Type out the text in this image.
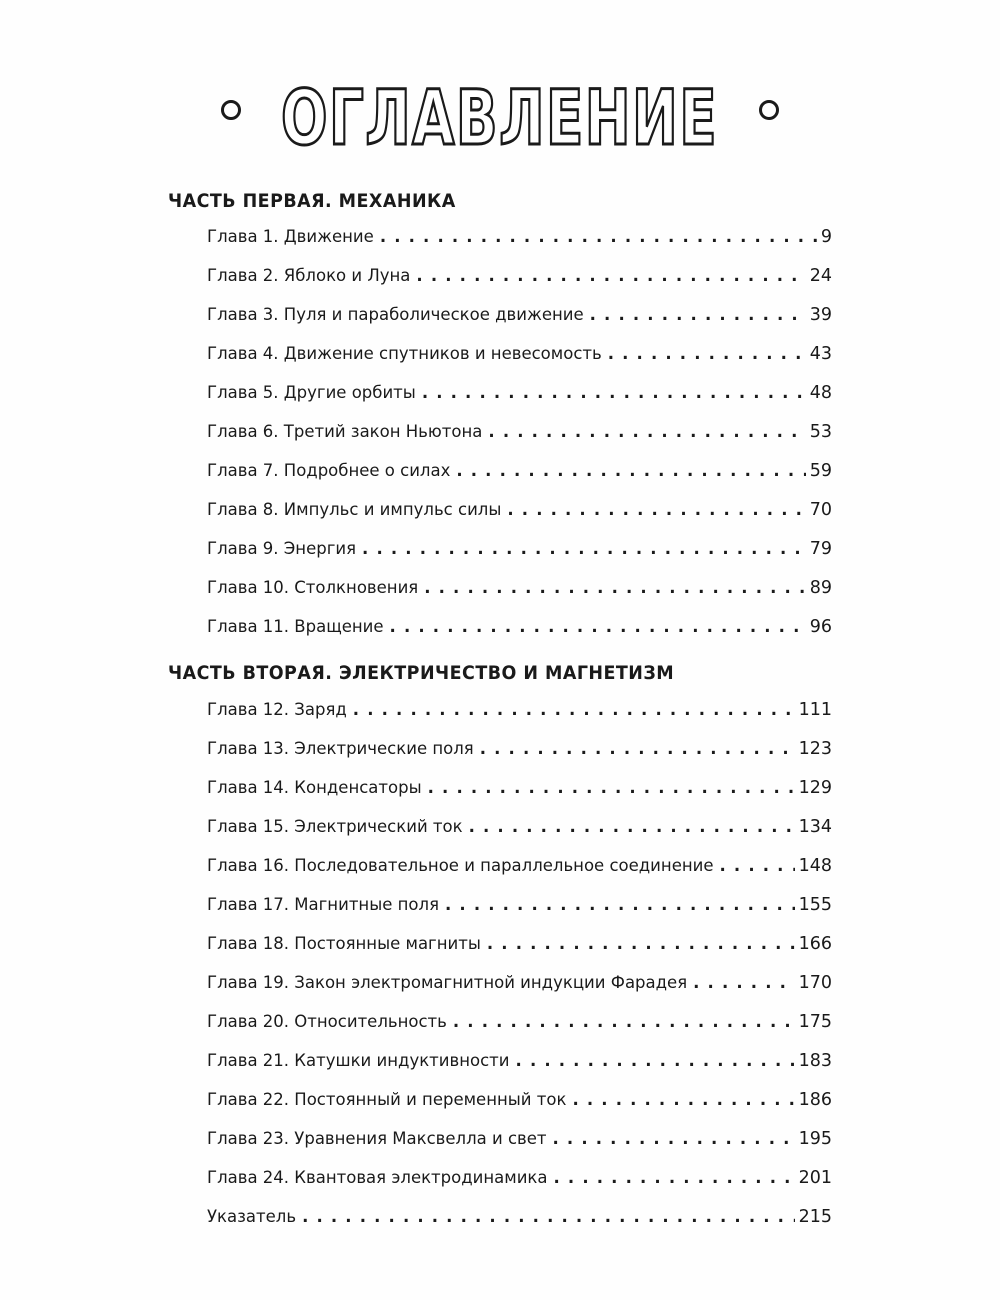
ОГЛАВЛЕНИЕ
ЧАСТЬ ПЕРВАЯ. МЕХАНИКА
Глава 1. Движение . . .	9
Глава 2. Яблоко и Луна . . .	24
Глава 3. Пуля и параболическое движение . . .	39
Глава 4. Движение спутников и невесомость . . .	43
Глава 5. Другие орбиты . . .	48
Глава 6. Третий закон Ньютона . . .	53
Глава 7. Подробнее о силах . . .	59
Глава 8. Импульс и импульс силы . . .	70
Глава 9. Энергия . . .	79
Глава 10. Столкновения . . .	89
Глава 11. Вращение . . .	96
ЧАСТЬ ВТОРАЯ. ЭЛЕКТРИЧЕСТВО И МАГНЕТИЗМ
Глава 12. Заряд . . .	111
Глава 13. Электрические поля . . .	123
Глава 14. Конденсаторы . . .	129
Глава 15. Электрический ток . . .	134
Глава 16. Последовательное и параллельное соединение . . .	148
Глава 17. Магнитные поля . . .	155
Глава 18. Постоянные магниты . . .	166
Глава 19. Закон электромагнитной индукции Фарадея . . .	170
Глава 20. Относительность . . .	175
Глава 21. Катушки индуктивности . . .	183
Глава 22. Постоянный и переменный ток . . .	186
Глава 23. Уравнения Максвелла и свет . . .	195
Глава 24. Квантовая электродинамика . . .	201
Указатель . . .	215
